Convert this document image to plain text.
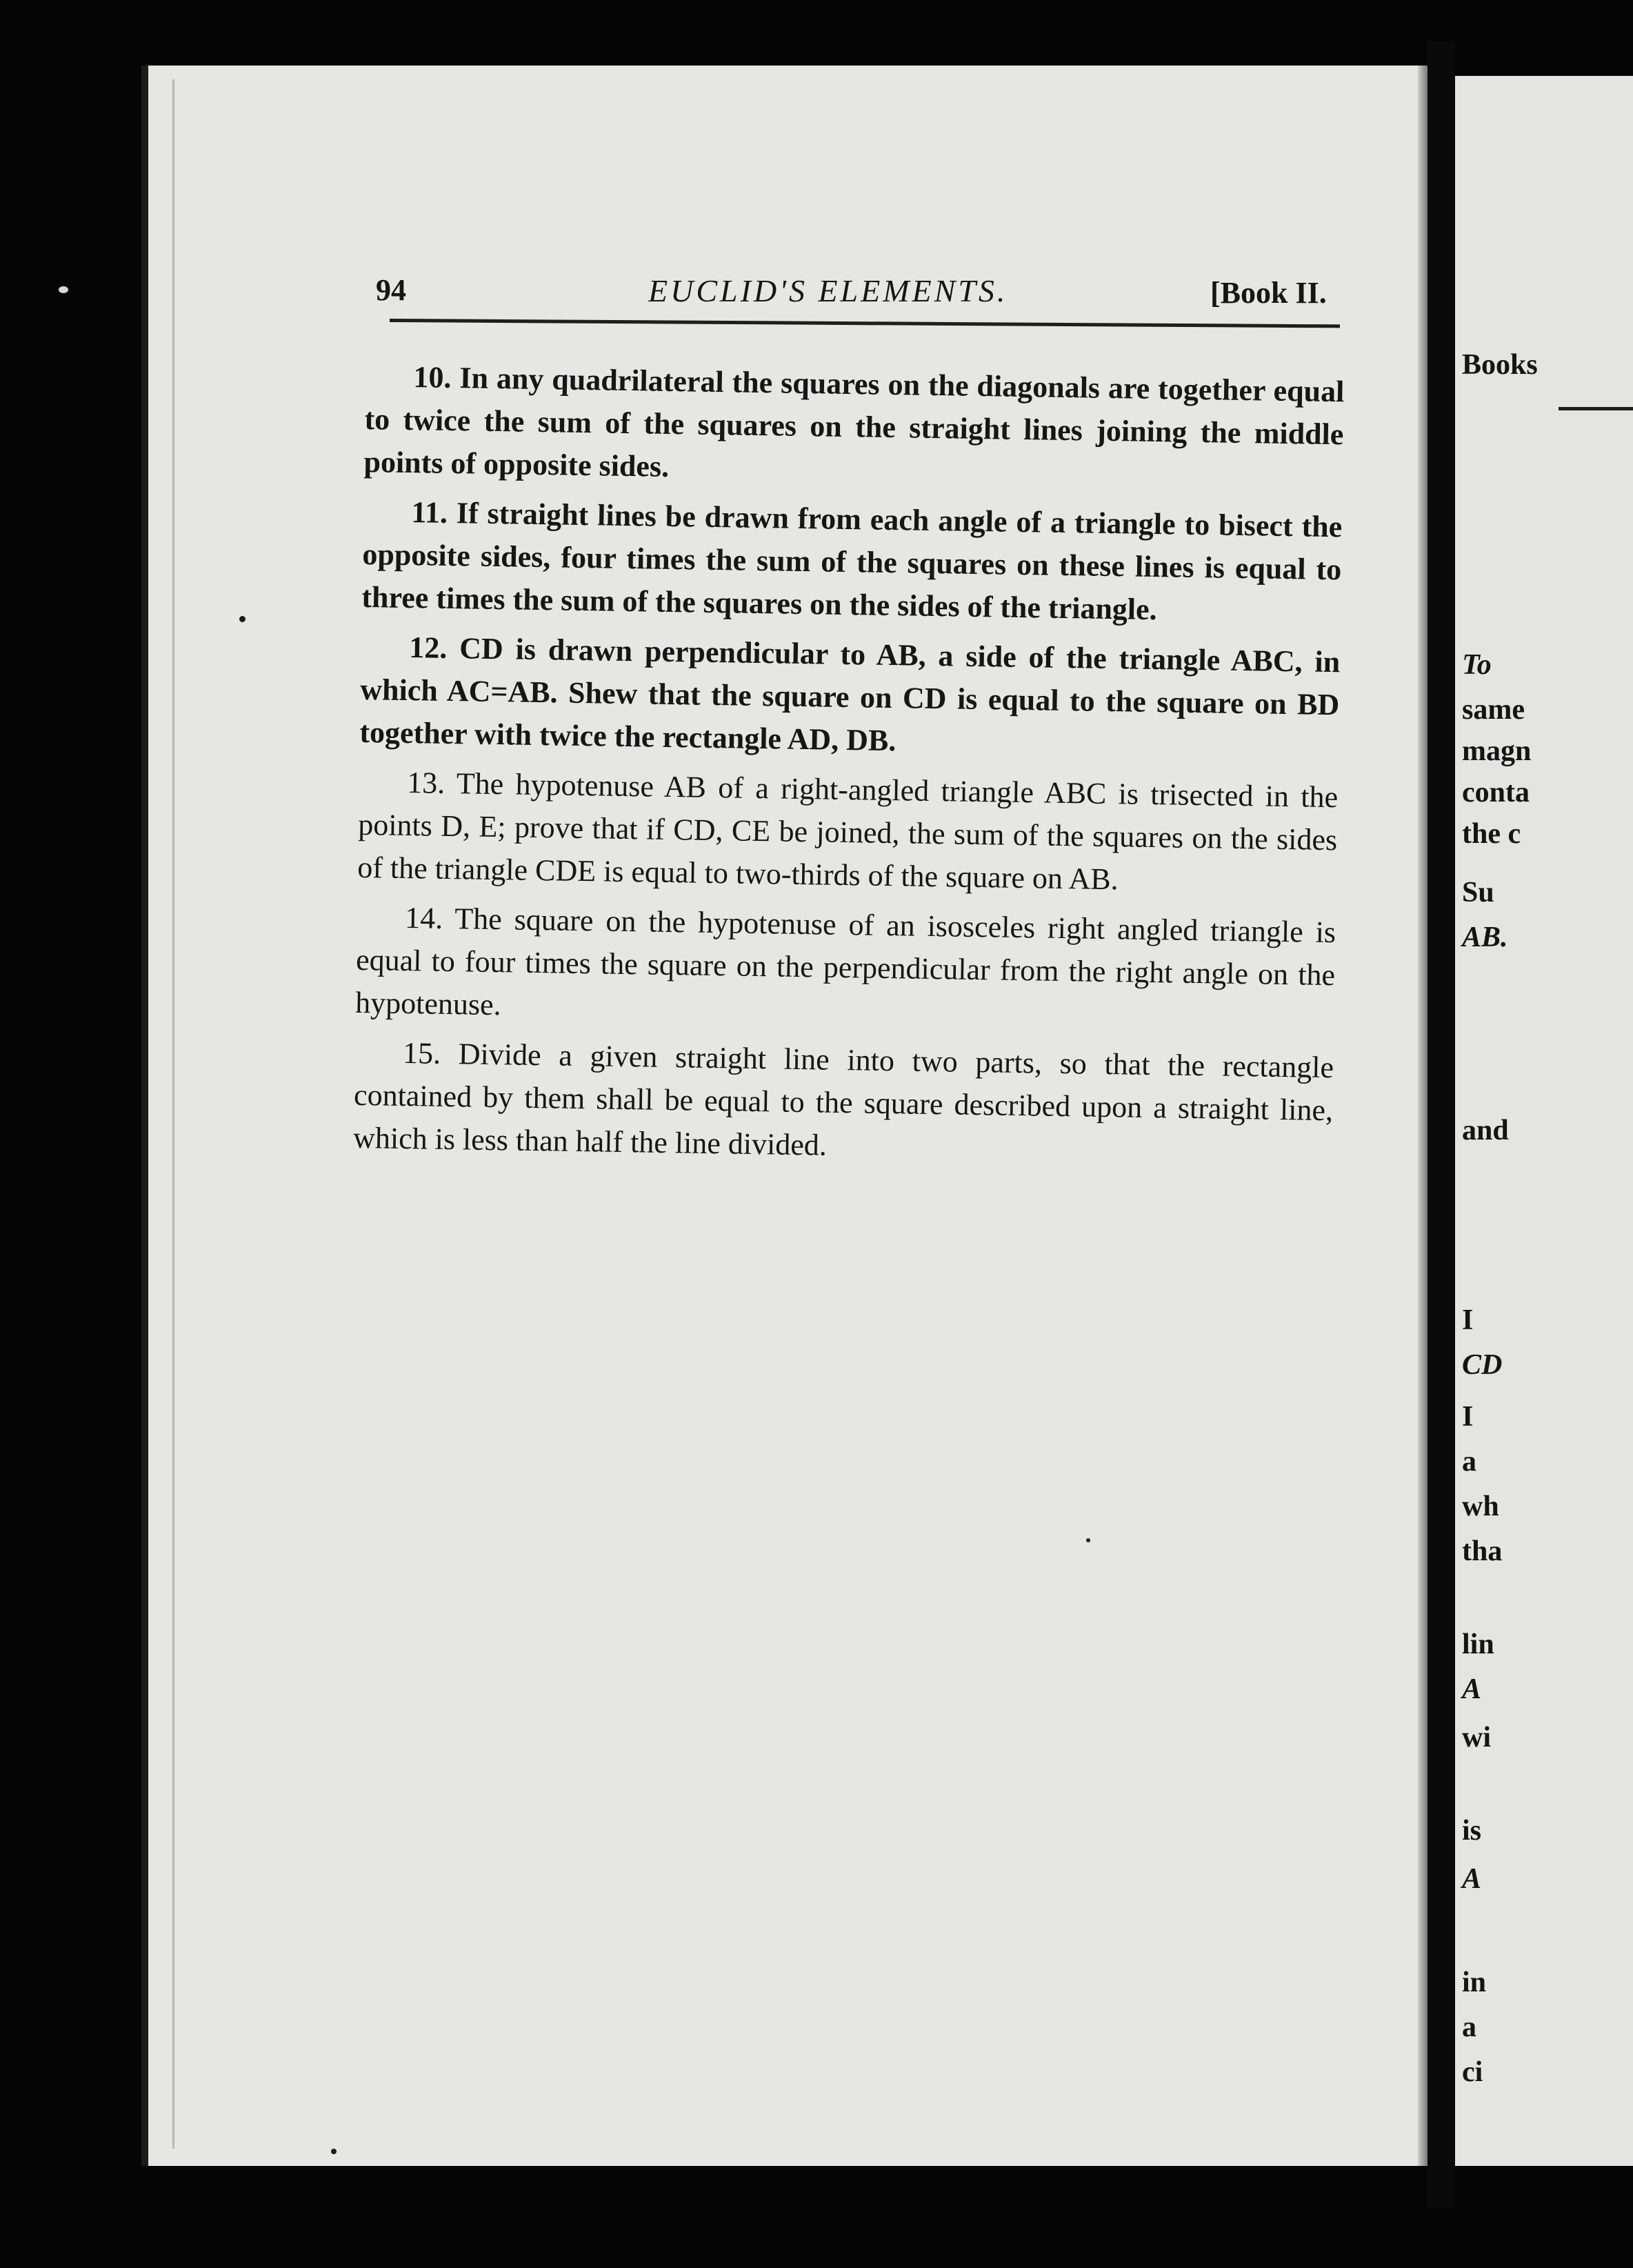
Books
To
same
magn
conta
the c
Su
AB.
and
I
CD
I
a
wh
tha
lin
A
wi
is
A
in
a
ci
94	EUCLID'S ELEMENTS.	[Book II.

10. In any quadrilateral the squares on the diagonals are together equal to twice the sum of the squares on the straight lines joining the middle points of opposite sides.

11. If straight lines be drawn from each angle of a triangle to bisect the opposite sides, four times the sum of the squares on these lines is equal to three times the sum of the squares on the sides of the triangle.

12. CD is drawn perpendicular to AB, a side of the triangle ABC, in which AC=AB. Shew that the square on CD is equal to the square on BD together with twice the rectangle AD, DB.

13. The hypotenuse AB of a right-angled triangle ABC is trisected in the points D, E; prove that if CD, CE be joined, the sum of the squares on the sides of the triangle CDE is equal to two-thirds of the square on AB.

14. The square on the hypotenuse of an isosceles right angled triangle is equal to four times the square on the perpendicular from the right angle on the hypotenuse.

15. Divide a given straight line into two parts, so that the rectangle contained by them shall be equal to the square described upon a straight line, which is less than half the line divided.
